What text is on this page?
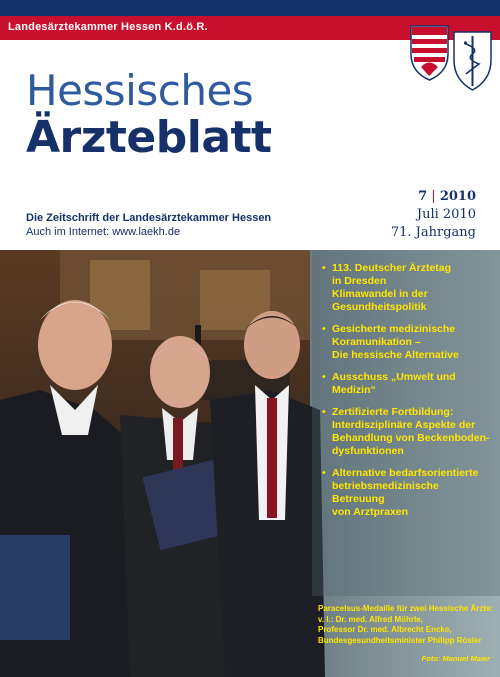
Landesärztekammer Hessen K.d.ö.R.
Hessisches
Ärzteblatt
7 | 2010
Juli 2010
71. Jahrgang
Die Zeitschrift der Landesärztekammer Hessen
Auch im Internet: www.laekh.de
• 113. Deutscher Ärztetag
in Dresden
Klimawandel in der
Gesundheitspolitik
• Gesicherte medizinische
Koramunikation –
Die hessische Alternative
• Ausschuss „Umwelt und Medizin“
• Zertifizierte Fortbildung:
Interdisziplinäre Aspekte der
Behandlung von Beckenboden-
dysfunktionen
• Alternative bedarfsorientierte
betriebsmedizinische Betreuung
von Arztpraxen
Paracelsus-Medaille für zwei Hessische Ärzte:
v. l.: Dr. med. Alfred Möhrle,
Professor Dr. med. Albrecht Encke,
Bundesgesundheitsminister Philipp Rösler
Foto: Manuel Maier
